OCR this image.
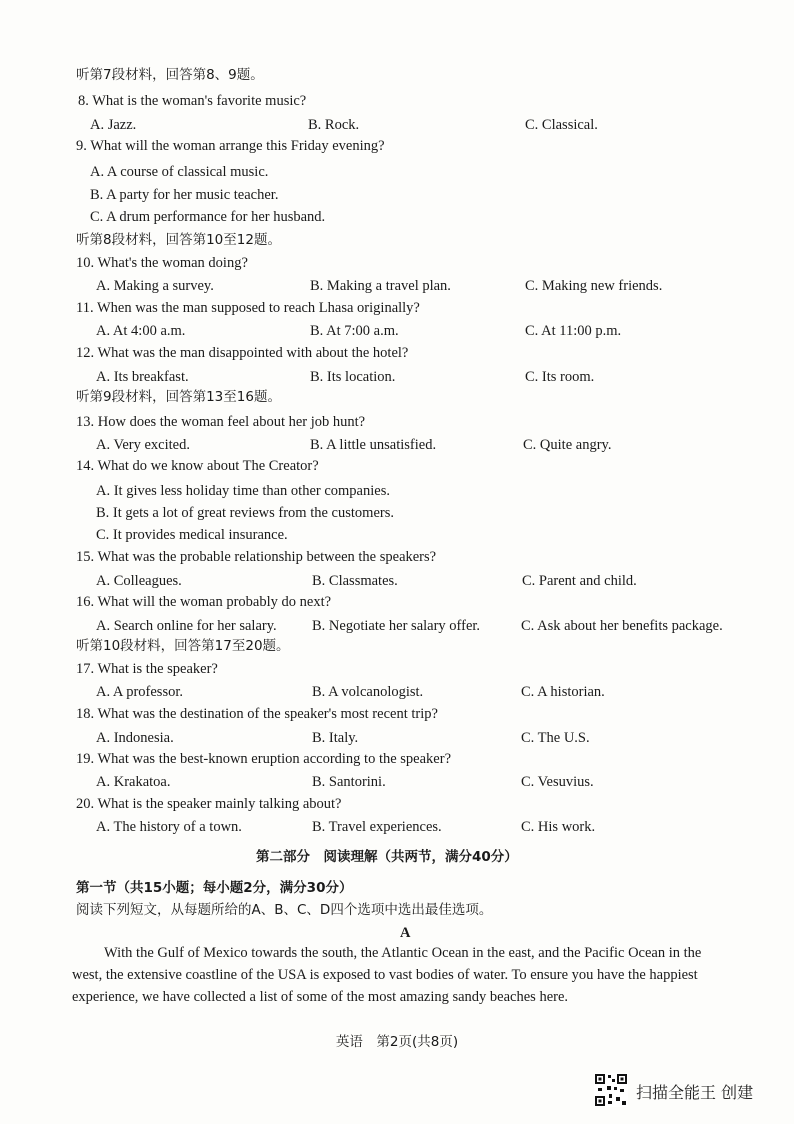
听第7段材料，回答第8、9题。
8. What is the woman's favorite music?
9. What will the woman arrange this Friday evening?
A. A course of classical music.
B. A party for her music teacher.
C. A drum performance for her husband.
听第8段材料，回答第10至12题。
10. What's the woman doing?
11. When was the man supposed to reach Lhasa originally?
12. What was the man disappointed with about the hotel?
听第9段材料，回答第13至16题。
13. How does the woman feel about her job hunt?
14. What do we know about The Creator?
A. It gives less holiday time than other companies.
B. It gets a lot of great reviews from the customers.
C. It provides medical insurance.
15. What was the probable relationship between the speakers?
16. What will the woman probably do next?
听第10段材料，回答第17至20题。
17. What is the speaker?
18. What was the destination of the speaker's most recent trip?
19. What was the best-known eruption according to the speaker?
20. What is the speaker mainly talking about?
第二部分　阅读理解（共两节，满分40分）
第一节（共15小题；每小题2分，满分30分）
阅读下列短文，从每题所给的A、B、C、D四个选项中选出最佳选项。
A
A. Jazz.	B. Rock.	C. Classical.
A. Making a survey.	B. Making a travel plan.	C. Making new friends.
A. At 4:00 a.m.	B. At 7:00 a.m.	C. At 11:00 p.m.
A. Its breakfast.	B. Its location.	C. Its room.
A. Very excited.	B. A little unsatisfied.	C. Quite angry.
A. Colleagues.	B. Classmates.	C. Parent and child.
A. Search online for her salary. B. Negotiate her salary offer.	C. Ask about her benefits package.
A. A professor.	B. A volcanologist.	C. A historian.
A. Indonesia.	B. Italy.	C. The U.S.
A. Krakatoa.	B. Santorini.	C. Vesuvius.
A. The history of a town.	B. Travel experiences.	C. His work.
With the Gulf of Mexico towards the south, the Atlantic Ocean in the east, and the Pacific Ocean in the west, the extensive coastline of the USA is exposed to vast bodies of water. To ensure you have the happiest experience, we have collected a list of some of the most amazing sandy beaches here.
英语　第2页(共8页)
扫描全能王 创建
